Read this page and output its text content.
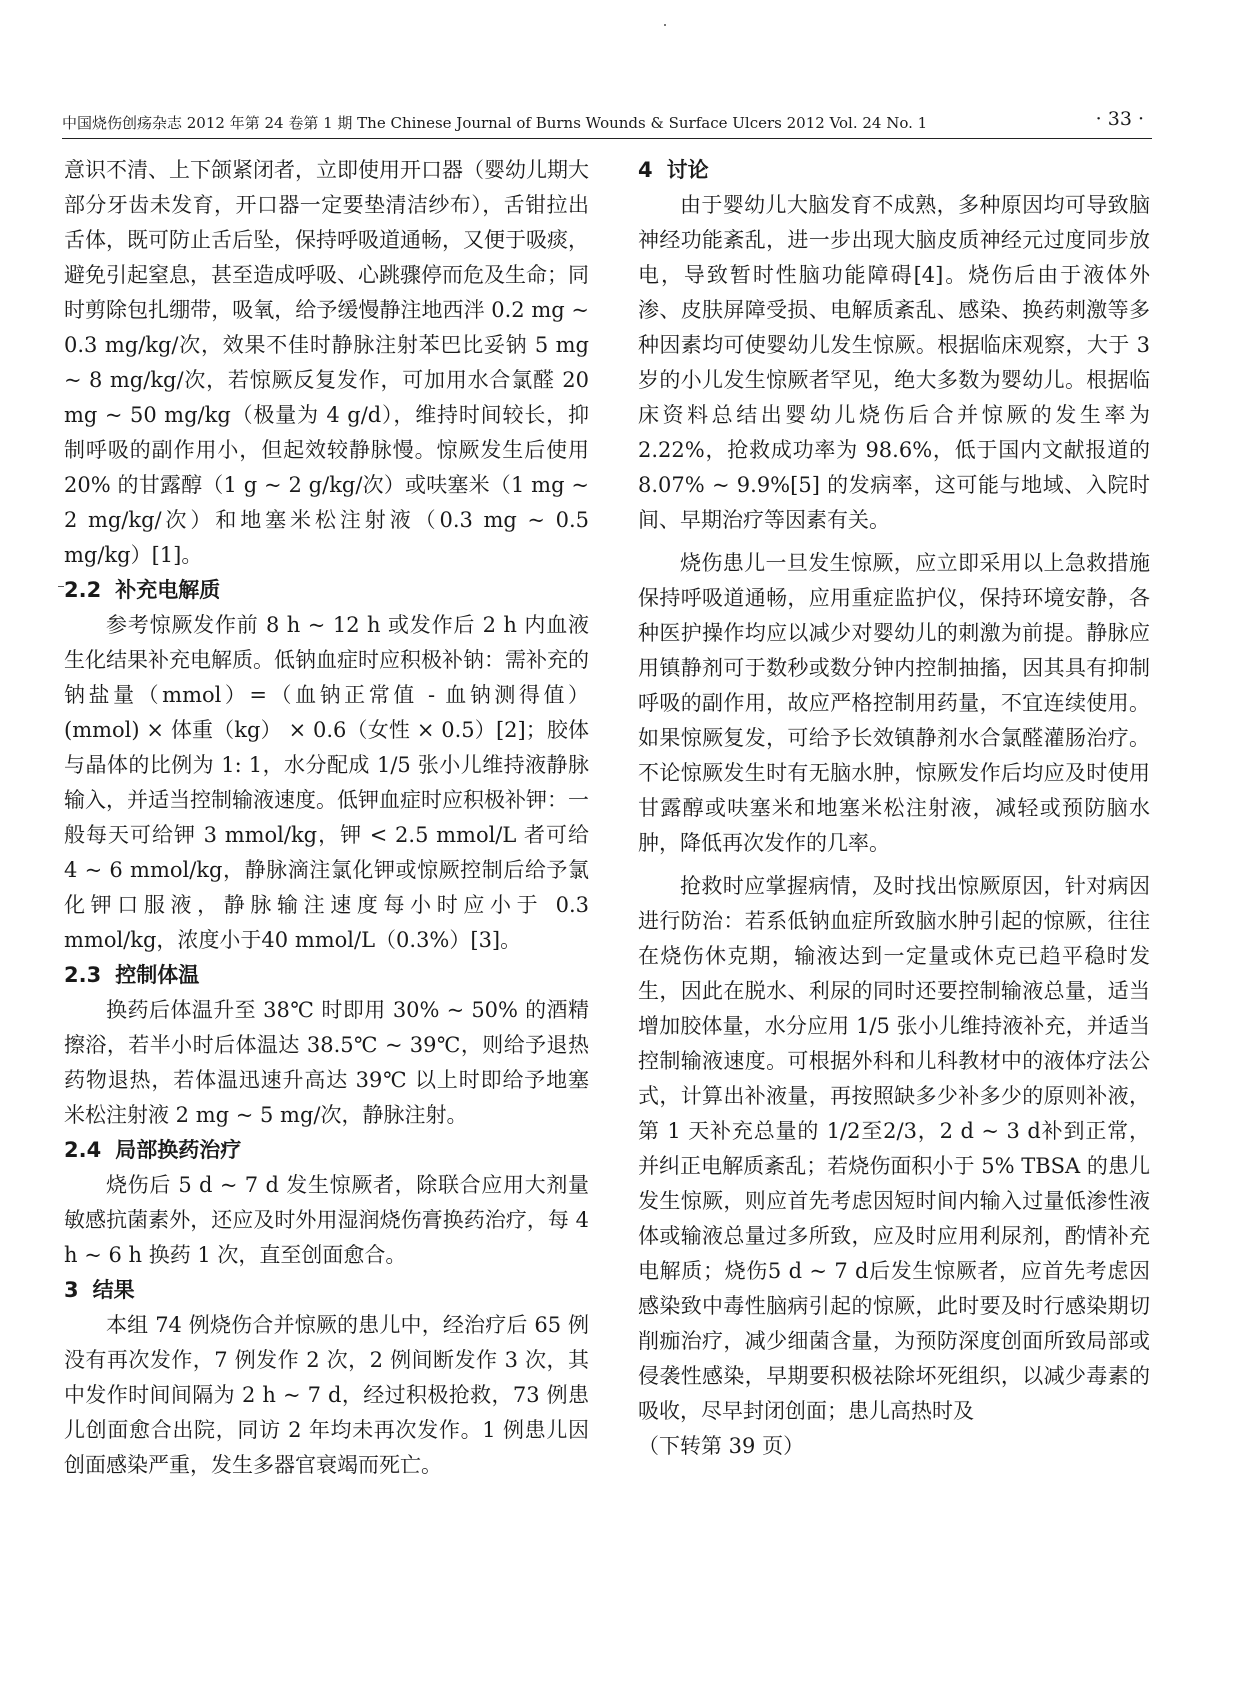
中国烧伤创疡杂志 2012 年第 24 卷第 1 期 The Chinese Journal of Burns Wounds & Surface Ulcers 2012 Vol. 24 No. 1	· 33 ·

意识不清、上下颌紧闭者，立即使用开口器（婴幼儿期大部分牙齿未发育，开口器一定要垫清洁纱布），舌钳拉出舌体，既可防止舌后坠，保持呼吸道通畅，又便于吸痰，避免引起窒息，甚至造成呼吸、心跳骤停而危及生命；同时剪除包扎绷带，吸氧，给予缓慢静注地西泮 0.2 mg ~ 0.3 mg/kg/次，效果不佳时静脉注射苯巴比妥钠 5 mg ~ 8 mg/kg/次，若惊厥反复发作，可加用水合氯醛 20 mg ~ 50 mg/kg（极量为 4 g/d），维持时间较长，抑制呼吸的副作用小，但起效较静脉慢。惊厥发生后使用 20% 的甘露醇（1 g ~ 2 g/kg/次）或呋塞米（1 mg ~ 2 mg/kg/次）和地塞米松注射液（0.3 mg ~ 0.5 mg/kg）[1]。

2.2 补充电解质

参考惊厥发作前 8 h ~ 12 h 或发作后 2 h 内血液生化结果补充电解质。低钠血症时应积极补钠：需补充的钠盐量（mmol）=（血钠正常值 - 血钠测得值）(mmol) × 体重（kg） × 0.6（女性 × 0.5）[2]；胶体与晶体的比例为 1: 1，水分配成 1/5 张小儿维持液静脉输入，并适当控制输液速度。低钾血症时应积极补钾：一般每天可给钾 3 mmol/kg，钾 < 2.5 mmol/L 者可给 4 ~ 6 mmol/kg，静脉滴注氯化钾或惊厥控制后给予氯化钾口服液，静脉输注速度每小时应小于 0.3 mmol/kg，浓度小于40 mmol/L（0.3%）[3]。

2.3 控制体温

换药后体温升至 38℃ 时即用 30% ~ 50% 的酒精擦浴，若半小时后体温达 38.5℃ ~ 39℃，则给予退热药物退热，若体温迅速升高达 39℃ 以上时即给予地塞米松注射液 2 mg ~ 5 mg/次，静脉注射。

2.4 局部换药治疗

烧伤后 5 d ~ 7 d 发生惊厥者，除联合应用大剂量敏感抗菌素外，还应及时外用湿润烧伤膏换药治疗，每 4 h ~ 6 h 换药 1 次，直至创面愈合。

3 结果

本组 74 例烧伤合并惊厥的患儿中，经治疗后 65 例没有再次发作，7 例发作 2 次，2 例间断发作 3 次，其中发作时间间隔为 2 h ~ 7 d，经过积极抢救，73 例患儿创面愈合出院，同访 2 年均未再次发作。1 例患儿因创面感染严重，发生多器官衰竭而死亡。

4 讨论

由于婴幼儿大脑发育不成熟，多种原因均可导致脑神经功能紊乱，进一步出现大脑皮质神经元过度同步放电，导致暂时性脑功能障碍[4]。烧伤后由于液体外渗、皮肤屏障受损、电解质紊乱、感染、换药刺激等多种因素均可使婴幼儿发生惊厥。根据临床观察，大于 3 岁的小儿发生惊厥者罕见，绝大多数为婴幼儿。根据临床资料总结出婴幼儿烧伤后合并惊厥的发生率为 2.22%，抢救成功率为 98.6%，低于国内文献报道的 8.07% ~ 9.9%[5] 的发病率，这可能与地域、入院时间、早期治疗等因素有关。

烧伤患儿一旦发生惊厥，应立即采用以上急救措施保持呼吸道通畅，应用重症监护仪，保持环境安静，各种医护操作均应以减少对婴幼儿的刺激为前提。静脉应用镇静剂可于数秒或数分钟内控制抽搐，因其具有抑制呼吸的副作用，故应严格控制用药量，不宜连续使用。如果惊厥复发，可给予长效镇静剂水合氯醛灌肠治疗。不论惊厥发生时有无脑水肿，惊厥发作后均应及时使用甘露醇或呋塞米和地塞米松注射液，减轻或预防脑水肿，降低再次发作的几率。

抢救时应掌握病情，及时找出惊厥原因，针对病因进行防治：若系低钠血症所致脑水肿引起的惊厥，往往在烧伤休克期，输液达到一定量或休克已趋平稳时发生，因此在脱水、利尿的同时还要控制输液总量，适当增加胶体量，水分应用 1/5 张小儿维持液补充，并适当控制输液速度。可根据外科和儿科教材中的液体疗法公式，计算出补液量，再按照缺多少补多少的原则补液，第 1 天补充总量的 1/2至2/3，2 d ~ 3 d补到正常，并纠正电解质紊乱；若烧伤面积小于 5% TBSA 的患儿发生惊厥，则应首先考虑因短时间内输入过量低渗性液体或输液总量过多所致，应及时应用利尿剂，酌情补充电解质；烧伤5 d ~ 7 d后发生惊厥者，应首先考虑因感染致中毒性脑病引起的惊厥，此时要及时行感染期切削痂治疗，减少细菌含量，为预防深度创面所致局部或侵袭性感染，早期要积极祛除坏死组织，以减少毒素的吸收，尽早封闭创面；患儿高热时及

（下转第 39 页）
